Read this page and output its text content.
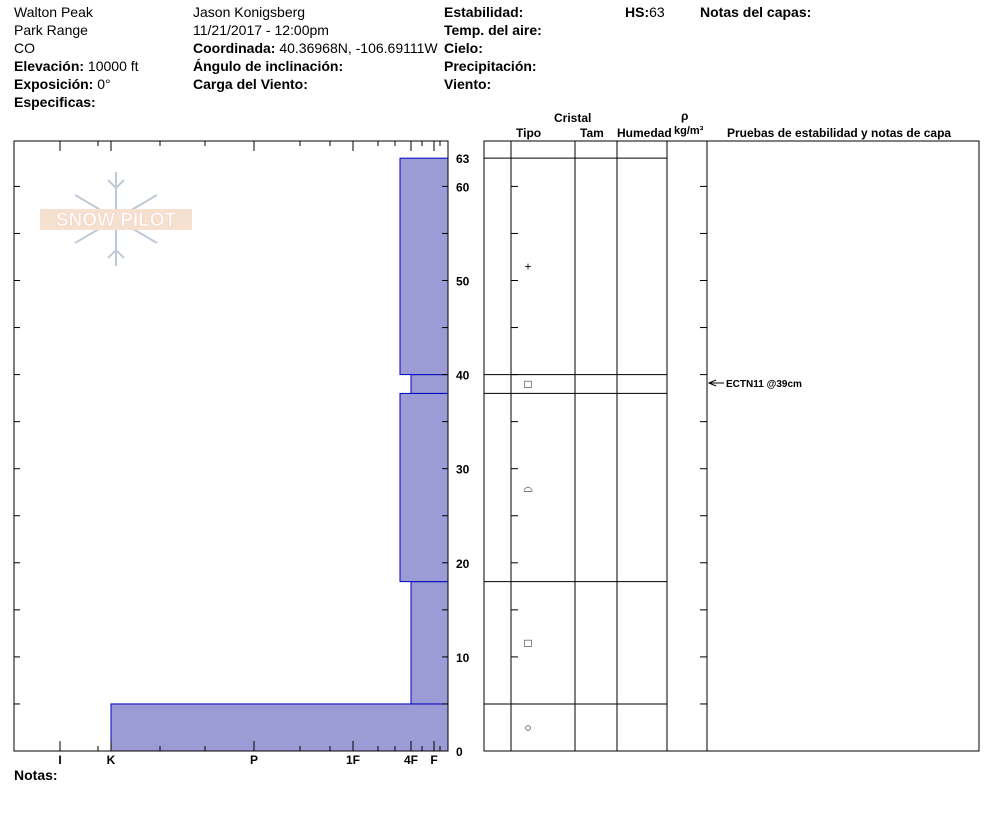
Walton Peak
Park Range
CO
Elevación: 10000 ft
Exposición: 0°
Especificas:
Jason Konigsberg
11/21/2017 - 12:00pm
Coordinada: 40.36968N, -106.69111W
Ángulo de inclinación:
Carga del Viento:
Estabilidad:
Temp. del aire:
Cielo:
Precipitación:
Viento:
HS:63	Notas del capas:
Cristal
Tipo	Tam Humedad
ρ
kg/m³ Pruebas de estabilidad y notas de capa
SNOW PILOT
0
10
20
30
40
50
60
63
I	K	P	1F	4F F
○
□
⌓
□
+
ECTN11 @39cm
Notas:
